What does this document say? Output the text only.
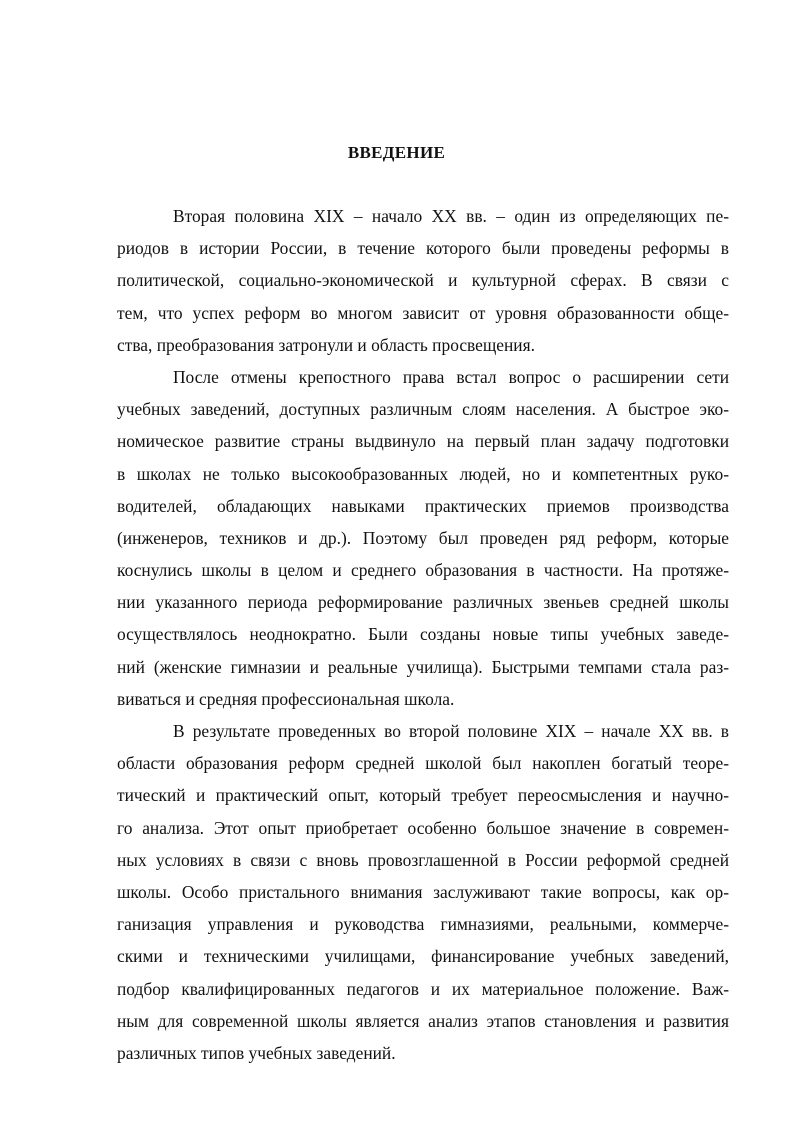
ВВЕДЕНИЕ
Вторая половина XIX – начало XX вв. – один из определяющих пе-
риодов в истории России, в течение которого были проведены реформы в
политической, социально-экономической и культурной сферах. В связи с
тем, что успех реформ во многом зависит от уровня образованности обще-
ства, преобразования затронули и область просвещения.
После отмены крепостного права встал вопрос о расширении сети
учебных заведений, доступных различным слоям населения. А быстрое эко-
номическое развитие страны выдвинуло на первый план задачу подготовки
в школах не только высокообразованных людей, но и компетентных руко-
водителей, обладающих навыками практических приемов производства
(инженеров, техников и др.). Поэтому был проведен ряд реформ, которые
коснулись школы в целом и среднего образования в частности. На протяже-
нии указанного периода реформирование различных звеньев средней школы
осуществлялось неоднократно. Были созданы новые типы учебных заведе-
ний (женские гимназии и реальные училища). Быстрыми темпами стала раз-
виваться и средняя профессиональная школа.
В результате проведенных во второй половине XIX – начале XX вв. в
области образования реформ средней школой был накоплен богатый теоре-
тический и практический опыт, который требует переосмысления и научно-
го анализа. Этот опыт приобретает особенно большое значение в современ-
ных условиях в связи с вновь провозглашенной в России реформой средней
школы. Особо пристального внимания заслуживают такие вопросы, как ор-
ганизация управления и руководства гимназиями, реальными, коммерче-
скими и техническими училищами, финансирование учебных заведений,
подбор квалифицированных педагогов и их материальное положение. Важ-
ным для современной школы является анализ этапов становления и развития
различных типов учебных заведений.
